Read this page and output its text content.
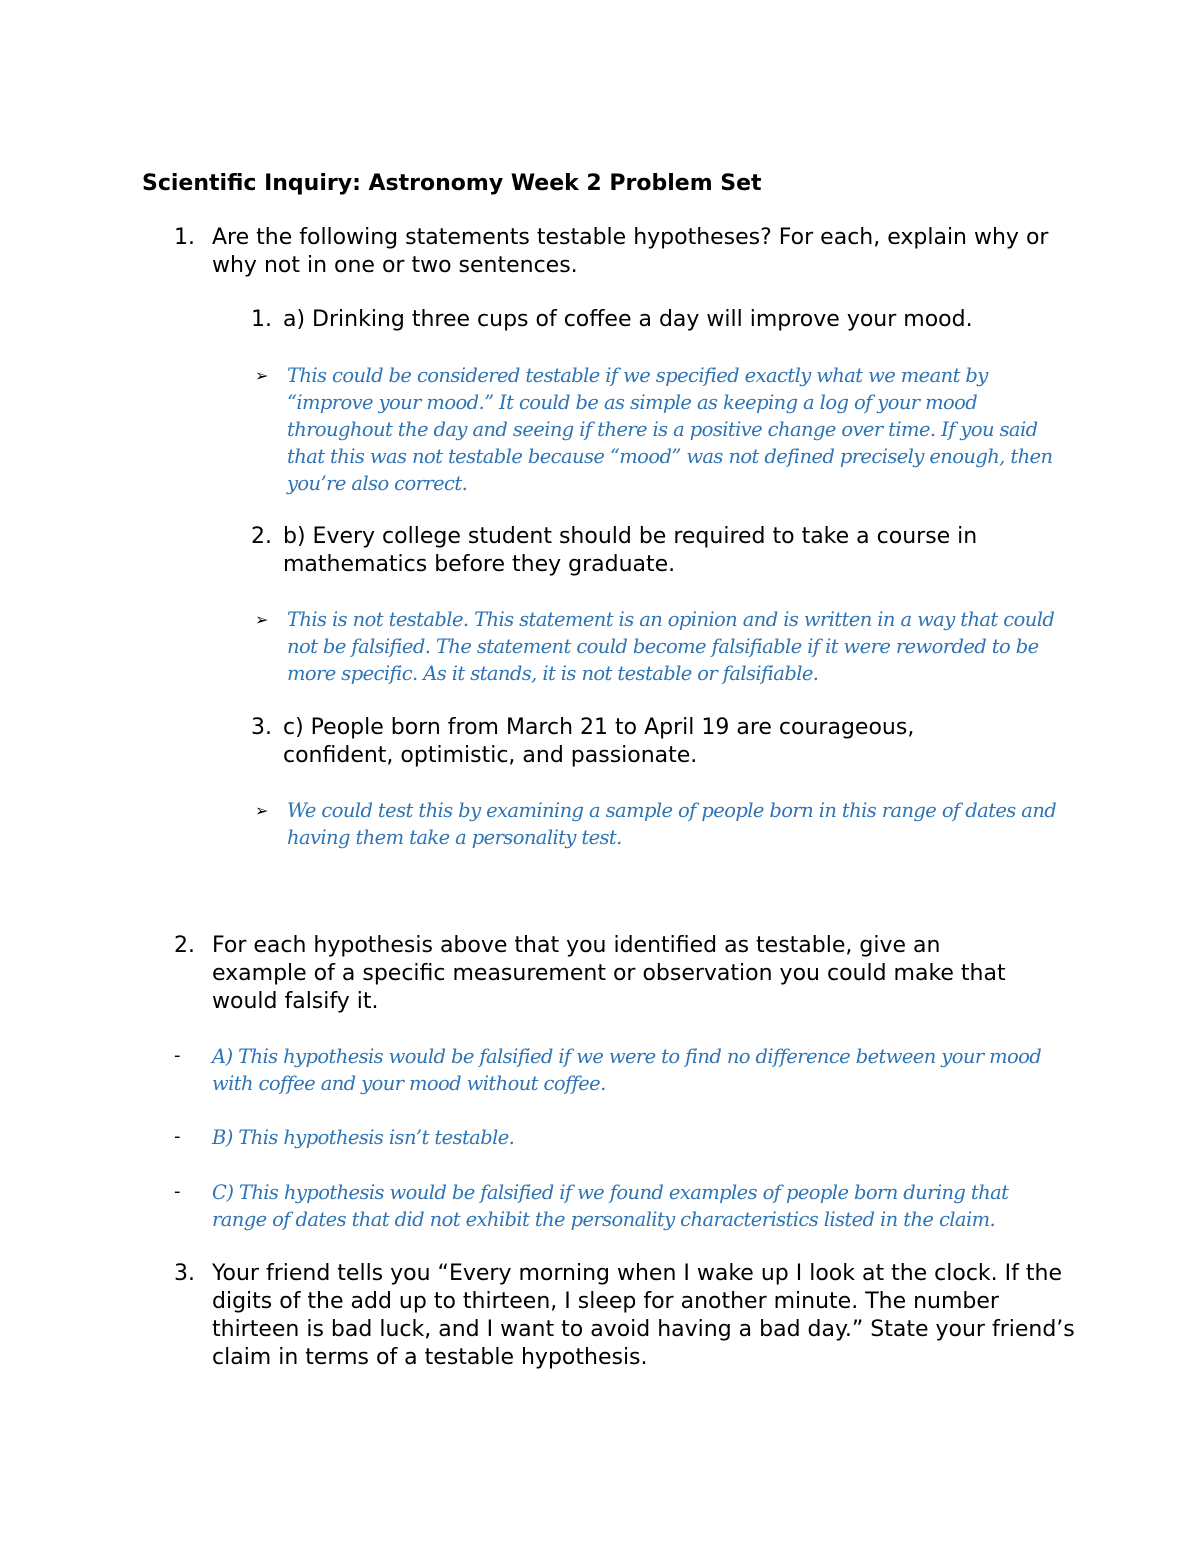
Scientific Inquiry: Astronomy Week 2 Problem Set
1. Are the following statements testable hypotheses? For each, explain why or why not in one or two sentences.
1. a) Drinking three cups of coffee a day will improve your mood.
➢ This could be considered testable if we specified exactly what we meant by “improve your mood.” It could be as simple as keeping a log of your mood throughout the day and seeing if there is a positive change over time. If you said that this was not testable because “mood” was not defined precisely enough, then you’re also correct.
2. b) Every college student should be required to take a course in mathematics before they graduate.
➢ This is not testable. This statement is an opinion and is written in a way that could not be falsified. The statement could become falsifiable if it were reworded to be more specific. As it stands, it is not testable or falsifiable.
3. c) People born from March 21 to April 19 are courageous, confident, optimistic, and passionate.
➢ We could test this by examining a sample of people born in this range of dates and having them take a personality test.
2. For each hypothesis above that you identified as testable, give an example of a specific measurement or observation you could make that would falsify it.
- A) This hypothesis would be falsified if we were to find no difference between your mood with coffee and your mood without coffee.
- B) This hypothesis isn’t testable.
- C) This hypothesis would be falsified if we found examples of people born during that range of dates that did not exhibit the personality characteristics listed in the claim.
3. Your friend tells you “Every morning when I wake up I look at the clock. If the digits of the add up to thirteen, I sleep for another minute. The number thirteen is bad luck, and I want to avoid having a bad day.” State your friend’s claim in terms of a testable hypothesis.
